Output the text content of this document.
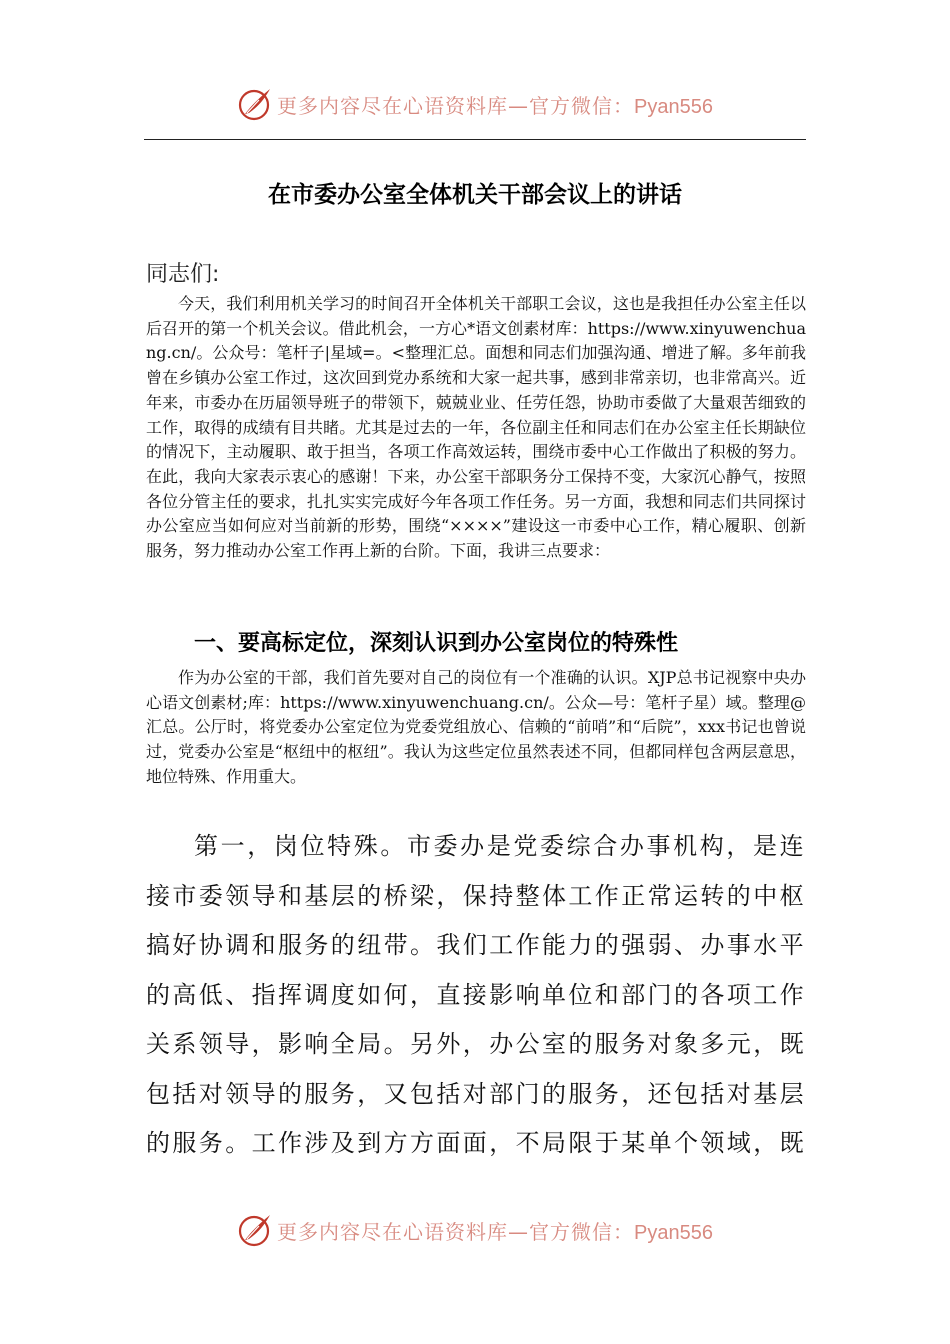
更多内容尽在心语资料库—官方微信：Pyan556
在市委办公室全体机关干部会议上的讲话
同志们:

今天，我们利用机关学习的时间召开全体机关干部职工会议，这也是我担任办公室主任以后召开的第一个机关会议。借此机会，一方心*语文创素材库：https://www.xinyuwenchuang.cn/。公众号：笔杆子|星域=。<整理汇总。面想和同志们加强沟通、增进了解。多年前我曾在乡镇办公室工作过，这次回到党办系统和大家一起共事，感到非常亲切，也非常高兴。近年来，市委办在历届领导班子的带领下，兢兢业业、任劳任怨，协助市委做了大量艰苦细致的工作，取得的成绩有目共睹。尤其是过去的一年，各位副主任和同志们在办公室主任长期缺位的情况下，主动履职、敢于担当，各项工作高效运转，围绕市委中心工作做出了积极的努力。在此，我向大家表示衷心的感谢！下来，办公室干部职务分工保持不变，大家沉心静气，按照各位分管主任的要求，扎扎实实完成好今年各项工作任务。另一方面，我想和同志们共同探讨办公室应当如何应对当前新的形势，围绕“××××”建设这一市委中心工作，精心履职、创新服务，努力推动办公室工作再上新的台阶。下面，我讲三点要求：

一、要高标定位，深刻认识到办公室岗位的特殊性

作为办公室的干部，我们首先要对自己的岗位有一个准确的认识。XJP总书记视察中央办心语文创素材;库：https://www.xinyuwenchuang.cn/。公众—号：笔杆子星）域。整理@汇总。公厅时，将党委办公室定位为党委党组放心、信赖的“前哨”和“后院”，xxx书记也曾说过，党委办公室是“枢纽中的枢纽”。我认为这些定位虽然表述不同，但都同样包含两层意思，地位特殊、作用重大。

第一，岗位特殊。市委办是党委综合办事机构，是连接市委领导和基层的桥梁，保持整体工作正常运转的中枢搞好协调和服务的纽带。我们工作能力的强弱、办事水平的高低、指挥调度如何，直接影响单位和部门的各项工作关系领导，影响全局。另外，办公室的服务对象多元，既包括对领导的服务，又包括对部门的服务，还包括对基层的服务。工作涉及到方方面面，不局限于某单个领域，既

更多内容尽在心语资料库—官方微信：Pyan556
